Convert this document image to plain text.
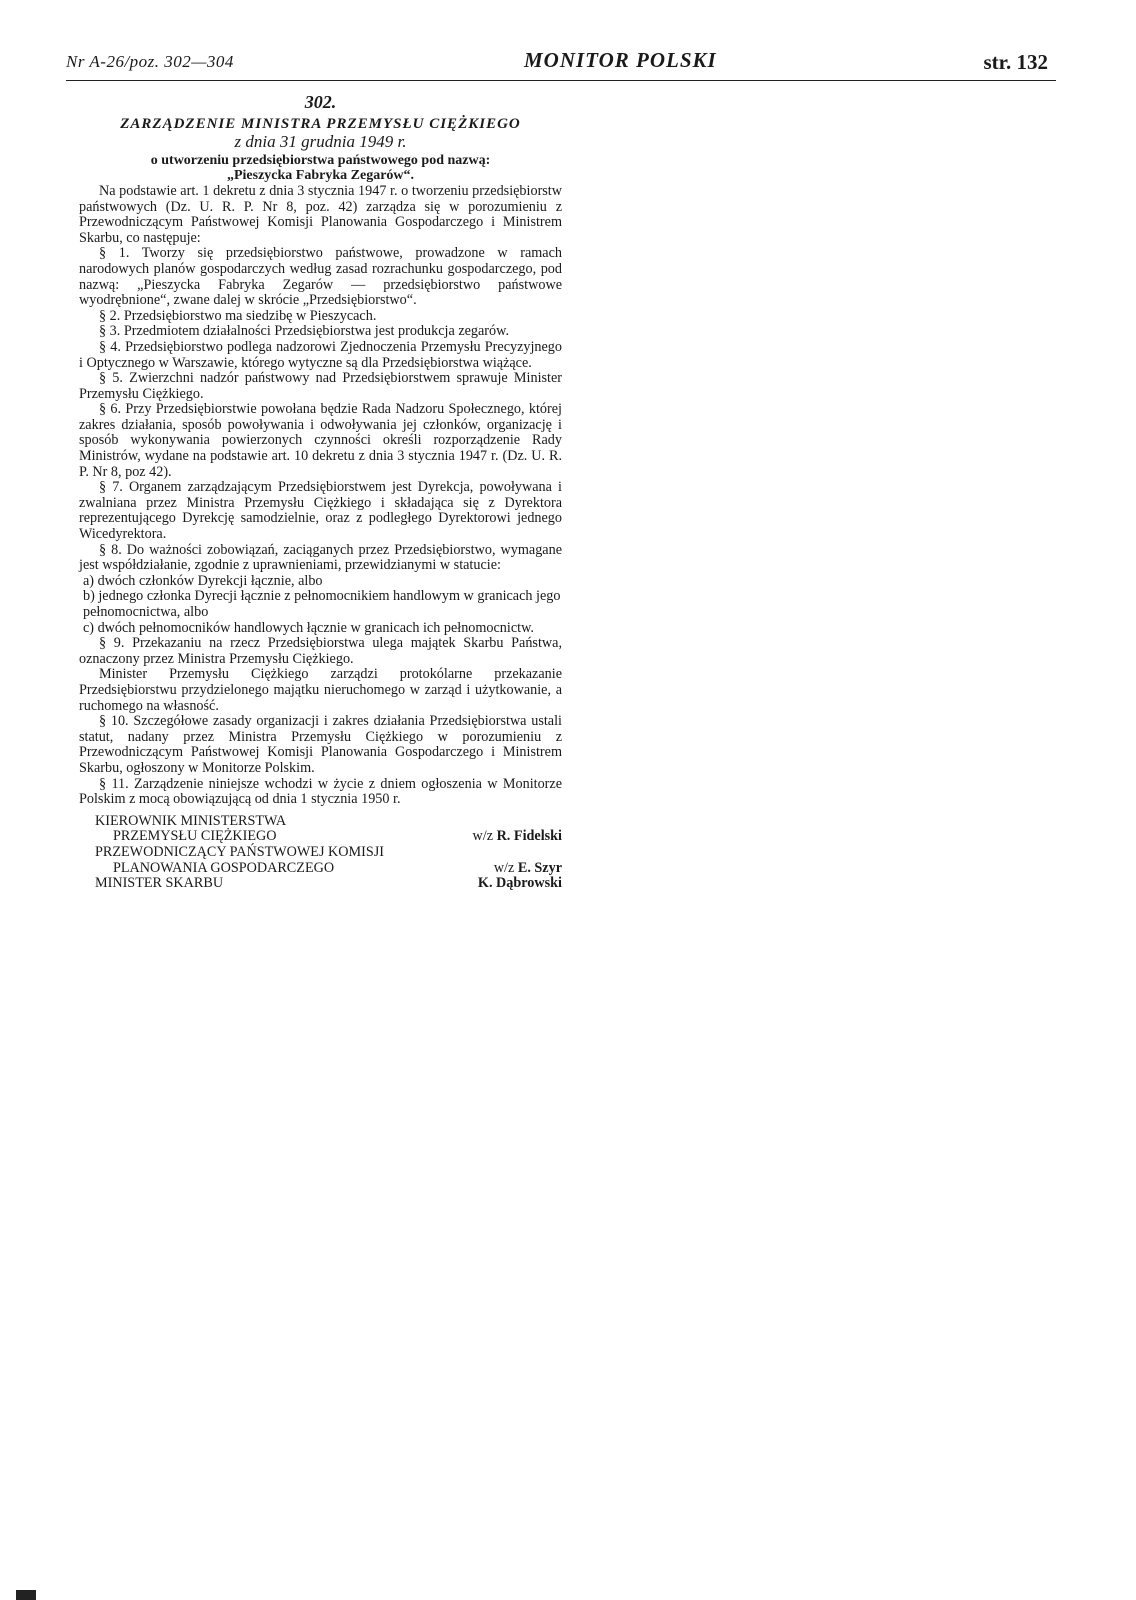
Nr A-26/poz. 302—304	MONITOR POLSKI	str. 132
302.
ZARZĄDZENIE MINISTRA PRZEMYSŁU CIĘŻKIEGO
z dnia 31 grudnia 1949 r.
o utworzeniu przedsiębiorstwa państwowego pod nazwą:
„Pieszycka Fabryka Zegarów“.

Na podstawie art. 1 dekretu z dnia 3 stycznia 1947 r. o tworzeniu przedsiębiorstw państwowych (Dz. U. R. P. Nr 8, poz. 42) zarządza się w porozumieniu z Przewodniczącym Państwowej Komisji Planowania Gospodarczego i Ministrem Skarbu, co następuje:

§ 1. Tworzy się przedsiębiorstwo państwowe, prowadzone w ramach narodowych planów gospodarczych według zasad rozrachunku gospodarczego, pod nazwą: „Pieszycka Fabryka Zegarów — przedsiębiorstwo państwowe wyodrębnione“, zwane dalej w skrócie „Przedsiębiorstwo“.

§ 2. Przedsiębiorstwo ma siedzibę w Pieszycach.

§ 3. Przedmiotem działalności Przedsiębiorstwa jest produkcja zegarów.

§ 4. Przedsiębiorstwo podlega nadzorowi Zjednoczenia Przemysłu Precyzyjnego i Optycznego w Warszawie, którego wytyczne są dla Przedsiębiorstwa wiążące.

§ 5. Zwierzchni nadzór państwowy nad Przedsiębiorstwem sprawuje Minister Przemysłu Ciężkiego.

§ 6. Przy Przedsiębiorstwie powołana będzie Rada Nadzoru Społecznego, której zakres działania, sposób powoływania i odwoływania jej członków, organizację i sposób wykonywania powierzonych czynności określi rozporządzenie Rady Ministrów, wydane na podstawie art. 10 dekretu z dnia 3 stycznia 1947 r. (Dz. U. R. P. Nr 8, poz 42).

§ 7. Organem zarządzającym Przedsiębiorstwem jest Dyrekcja, powoływana i zwalniana przez Ministra Przemysłu Ciężkiego i składająca się z Dyrektora reprezentującego Dyrekcję samodzielnie, oraz z podległego Dyrektorowi jednego Wicedyrektora.

§ 8. Do ważności zobowiązań, zaciąganych przez Przedsiębiorstwo, wymagane jest współdziałanie, zgodnie z uprawnieniami, przewidzianymi w statucie:

a) dwóch członków Dyrekcji łącznie, albo

b) jednego członka Dyrecji łącznie z pełnomocnikiem handlowym w granicach jego pełnomocnictwa, albo

c) dwóch pełnomocników handlowych łącznie w granicach ich pełnomocnictw.

§ 9. Przekazaniu na rzecz Przedsiębiorstwa ulega majątek Skarbu Państwa, oznaczony przez Ministra Przemysłu Ciężkiego.

Minister Przemysłu Ciężkiego zarządzi protokólarne przekazanie Przedsiębiorstwu przydzielonego majątku nieruchomego w zarząd i użytkowanie, a ruchomego na własność.

§ 10. Szczegółowe zasady organizacji i zakres działania Przedsiębiorstwa ustali statut, nadany przez Ministra Przemysłu Ciężkiego w porozumieniu z Przewodniczącym Państwowej Komisji Planowania Gospodarczego i Ministrem Skarbu, ogłoszony w Monitorze Polskim.

§ 11. Zarządzenie niniejsze wchodzi w życie z dniem ogłoszenia w Monitorze Polskim z mocą obowiązującą od dnia 1 stycznia 1950 r.

KIEROWNIK MINISTERSTWA
PRZEMYSŁU CIĘŻKIEGO	w/z R. Fidelski
PRZEWODNICZĄCY PAŃSTWOWEJ KOMISJI
PLANOWANIA GOSPODARCZEGO	w/z E. Szyr
MINISTER SKARBU	K. Dąbrowski
